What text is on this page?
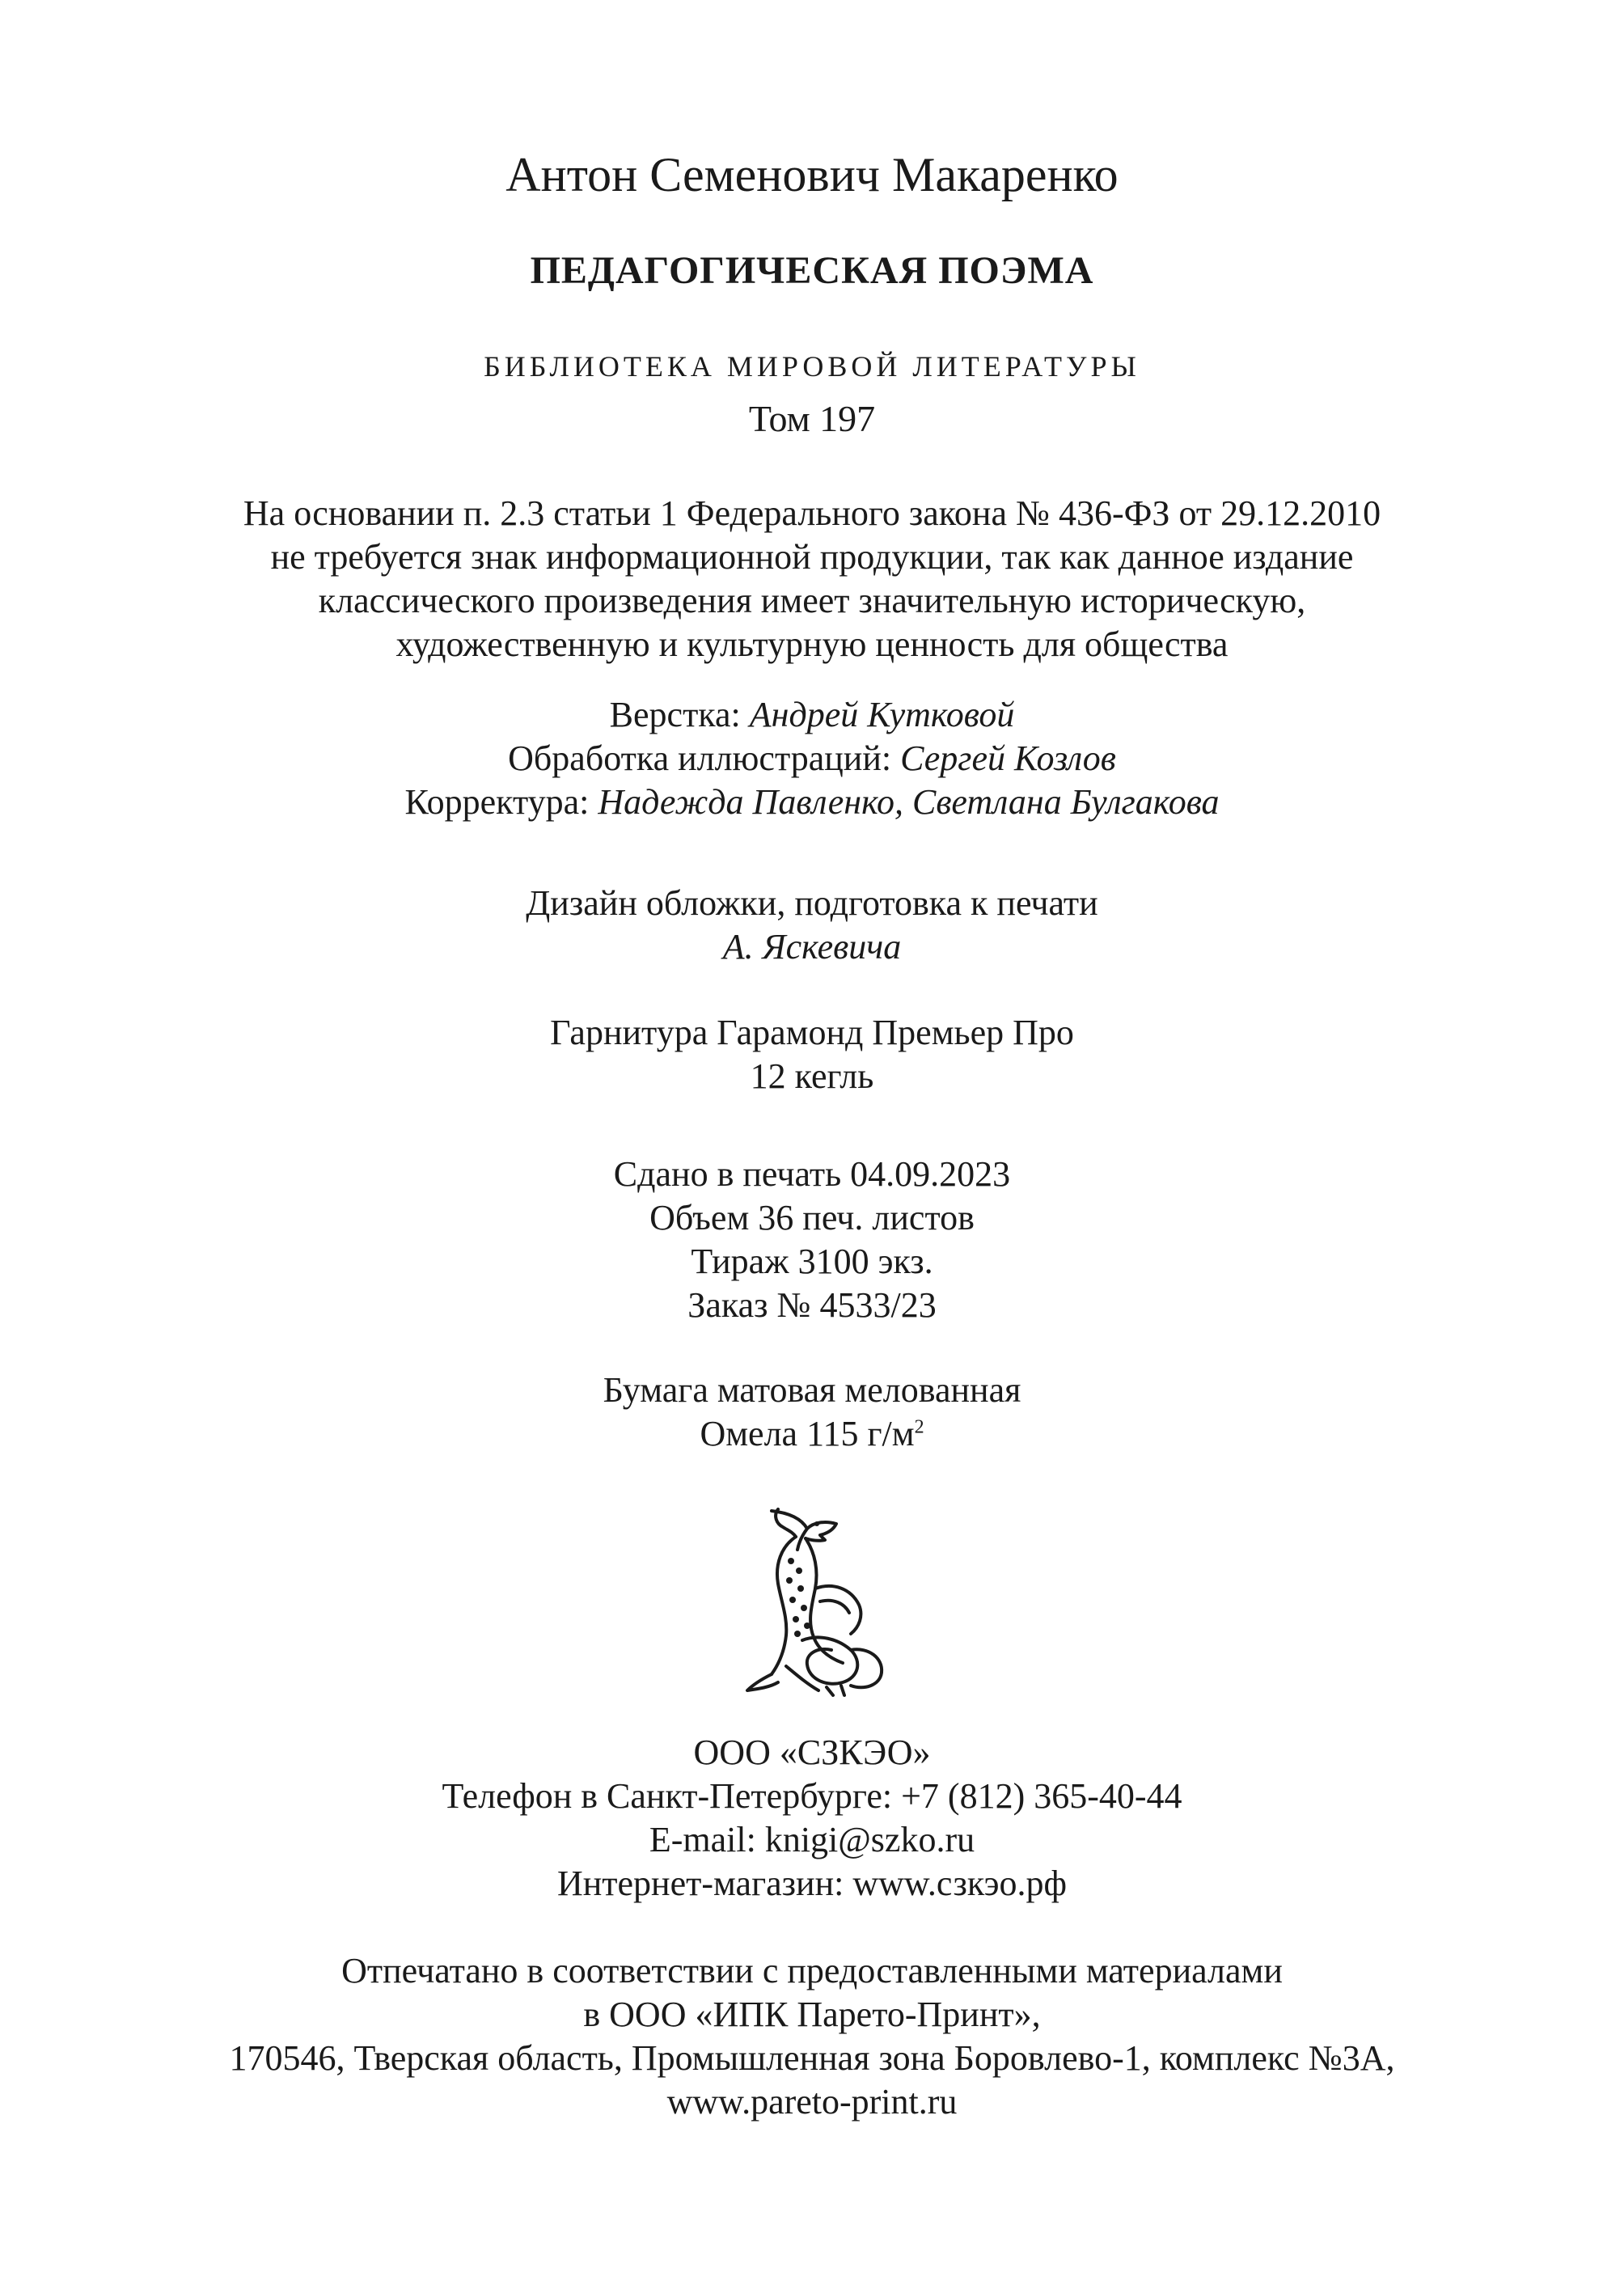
Антон Семенович Макаренко
ПЕДАГОГИЧЕСКАЯ ПОЭМА
БИБЛИОТЕКА МИРОВОЙ ЛИТЕРАТУРЫ
Том 197
На основании п. 2.3 статьи 1 Федерального закона № 436-ФЗ от 29.12.2010
не требуется знак информационной продукции, так как данное издание
классического произведения имеет значительную историческую,
художественную и культурную ценность для общества
Верстка: Андрей Кутковой
Обработка иллюстраций: Сергей Козлов
Корректура: Надежда Павленко, Светлана Булгакова
Дизайн обложки, подготовка к печати
А. Яскевича
Гарнитура Гарамонд Премьер Про
12 кегль
Сдано в печать 04.09.2023
Объем 36 печ. листов
Тираж 3100 экз.
Заказ № 4533/23
Бумага матовая мелованная
Омела 115 $г/м^2$
ООО «СЗКЭО»
Телефон в Санкт-Петербурге: +7 (812) 365-40-44
E-mail: knigi@szko.ru
Интернет-магазин: www.сзкэо.рф
Отпечатано в соответствии с предоставленными материалами
в ООО «ИПК Парето-Принт»,
170546, Тверская область, Промышленная зона Боровлево-1, комплекс №3А,
www.pareto-print.ru
